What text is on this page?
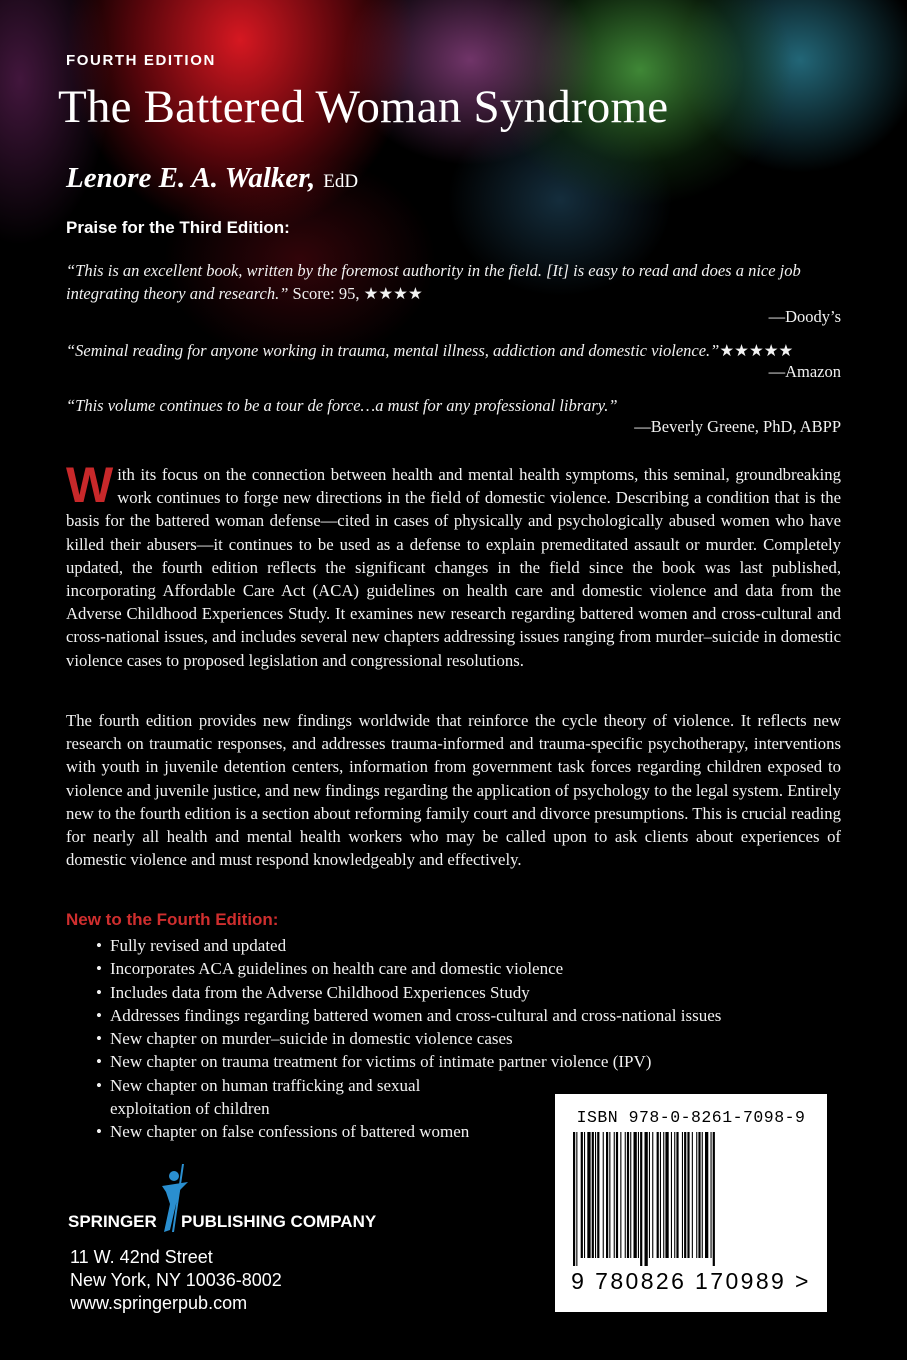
FOURTH EDITION
The Battered Woman Syndrome
Lenore E. A. Walker, EdD
Praise for the Third Edition:
“This is an excellent book, written by the foremost authority in the field. [It] is easy to read and does a nice job integrating theory and research.” Score: 95, ★★★★
—Doody’s
“Seminal reading for anyone working in trauma, mental illness, addiction and domestic violence.”★★★★★
—Amazon
“This volume continues to be a tour de force…a must for any professional library.”
—Beverly Greene, PhD, ABPP
With its focus on the connection between health and mental health symptoms, this seminal, groundbreaking work continues to forge new directions in the field of domestic violence. Describing a condition that is the basis for the battered woman defense—cited in cases of physically and psychologically abused women who have killed their abusers—it continues to be used as a defense to explain premeditated assault or murder. Completely updated, the fourth edition reflects the significant changes in the field since the book was last published, incorporating Affordable Care Act (ACA) guidelines on health care and domestic violence and data from the Adverse Childhood Experiences Study. It examines new research regarding battered women and cross-cultural and cross-national issues, and includes several new chapters addressing issues ranging from murder–suicide in domestic violence cases to proposed legislation and congressional resolutions.
The fourth edition provides new findings worldwide that reinforce the cycle theory of violence. It reflects new research on traumatic responses, and addresses trauma-informed and trauma-specific psychotherapy, interventions with youth in juvenile detention centers, information from government task forces regarding children exposed to violence and juvenile justice, and new findings regarding the application of psychology to the legal system. Entirely new to the fourth edition is a section about reforming family court and divorce presumptions. This is crucial reading for nearly all health and mental health workers who may be called upon to ask clients about experiences of domestic violence and must respond knowledgeably and effectively.
New to the Fourth Edition:
• Fully revised and updated
• Incorporates ACA guidelines on health care and domestic violence
• Includes data from the Adverse Childhood Experiences Study
• Addresses findings regarding battered women and cross-cultural and cross-national issues
• New chapter on murder–suicide in domestic violence cases
• New chapter on trauma treatment for victims of intimate partner violence (IPV)
• New chapter on human trafficking and sexual exploitation of children
• New chapter on false confessions of battered women
SPRINGER PUBLISHING COMPANY
11 W. 42nd Street
New York, NY 10036-8002
www.springerpub.com
ISBN 978-0-8261-7098-9
9 780826 170989 >
